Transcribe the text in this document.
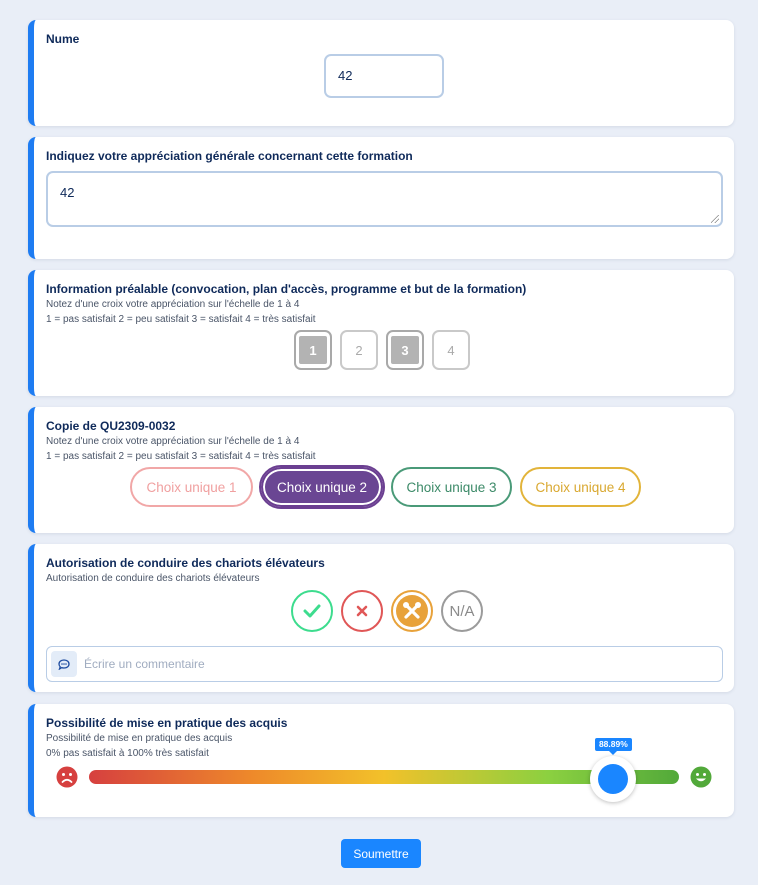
Nume
42
Indiquez votre appréciation générale concernant cette formation
42
Information préalable (convocation, plan d'accès, programme et but de la formation)
Notez d'une croix votre appréciation sur l'échelle de 1 à 4
1 = pas satisfait 2 = peu satisfait 3 = satisfait 4 = très satisfait
1	2	3	4
Copie de QU2309-0032
Notez d'une croix votre appréciation sur l'échelle de 1 à 4
1 = pas satisfait 2 = peu satisfait 3 = satisfait 4 = très satisfait
Choix unique 1	Choix unique 2	Choix unique 3	Choix unique 4
Autorisation de conduire des chariots élévateurs
Autorisation de conduire des chariots élévateurs
N/A
Écrire un commentaire
Possibilité de mise en pratique des acquis
Possibilité de mise en pratique des acquis
0% pas satisfait à 100% très satisfait
88.89%
Soumettre
